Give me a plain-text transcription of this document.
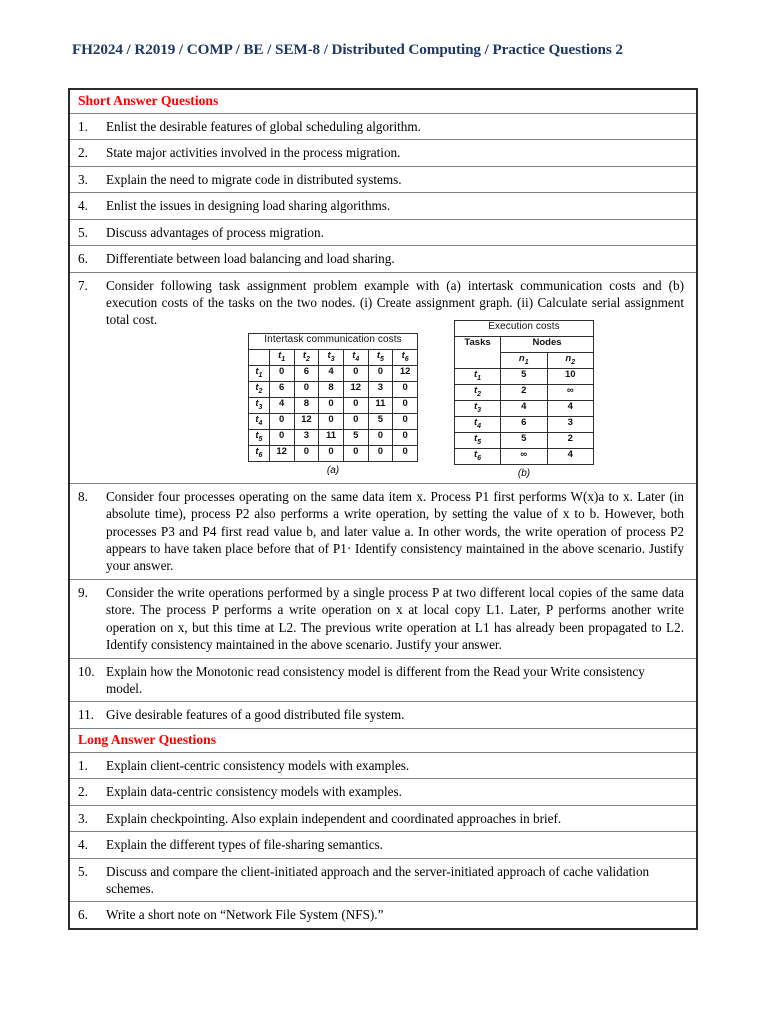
FH2024 / R2019 / COMP / BE / SEM-8 / Distributed Computing / Practice Questions 2
Short Answer Questions

1.	Enlist the desirable features of global scheduling algorithm.

2.	State major activities involved in the process migration.

3.	Explain the need to migrate code in distributed systems.

4.	Enlist the issues in designing load sharing algorithms.

5.	Discuss advantages of process migration.

6.	Differentiate between load balancing and load sharing.

7.	Consider following task assignment problem example with (a) intertask communication costs and (b) execution costs of the tasks on the two nodes. (i) Create assignment graph. (ii) Calculate serial assignment total cost.
Intertask communication costs
	$t_1$	$t_2$	$t_3$	$t_4$	$t_5$	$t_6$
$t_1$	0	6	4	0	0	12
$t_2$	6	0	8	12	3	0
$t_3$	4	8	0	0	11	0
$t_4$	0	12	0	0	5	0
$t_5$	0	3	11	5	0	0
$t_6$	12	0	0	0	0	0
(a)
Execution costs
Tasks	Nodes
$n_1$	$n_2$
$t_1$	5	10
$t_2$	2	∞
$t_3$	4	4
$t_4$	6	3
$t_5$	5	2
$t_6$	∞	4
(b)

8.	Consider four processes operating on the same data item x. Process P1 first performs W(x)a to x. Later (in absolute time), process P2 also performs a write operation, by setting the value of x to b. However, both processes P3 and P4 first read value b, and later value a. In other words, the write operation of process P2 appears to have taken place before that of P1· Identify consistency maintained in the above scenario. Justify your answer.

9.	Consider the write operations performed by a single process P at two different local copies of the same data store. The process P performs a write operation on x at local copy L1. Later, P performs another write operation on x, but this time at L2. The previous write operation at L1 has already been propagated to L2. Identify consistency maintained in the above scenario. Justify your answer.

10. Explain how the Monotonic read consistency model is different from the Read your Write consistency model.

11. Give desirable features of a good distributed file system.

Long Answer Questions

1.	Explain client-centric consistency models with examples.

2.	Explain data-centric consistency models with examples.

3.	Explain checkpointing. Also explain independent and coordinated approaches in brief.

4.	Explain the different types of file-sharing semantics.

5.	Discuss and compare the client-initiated approach and the server-initiated approach of cache validation schemes.

6.	Write a short note on “Network File System (NFS).”
